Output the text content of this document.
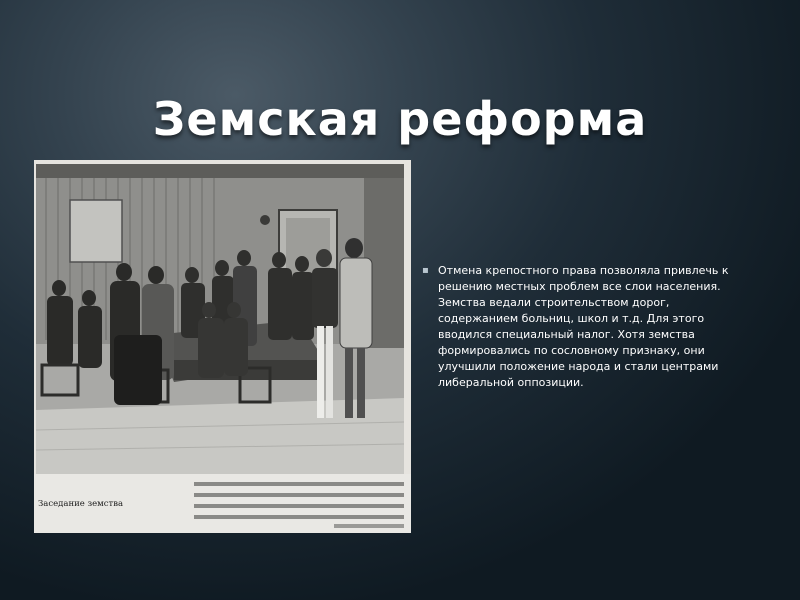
Земская реформа
Заседание земства
▪ Отмена крепостного права позволяла привлечь к решению местных проблем все слои населения. Земства ведали строительством дорог, содержанием больниц, школ и т.д. Для этого вводился специальный налог. Хотя земства формировались по сословному признаку, они улучшили положение народа и стали центрами либеральной оппозиции.
